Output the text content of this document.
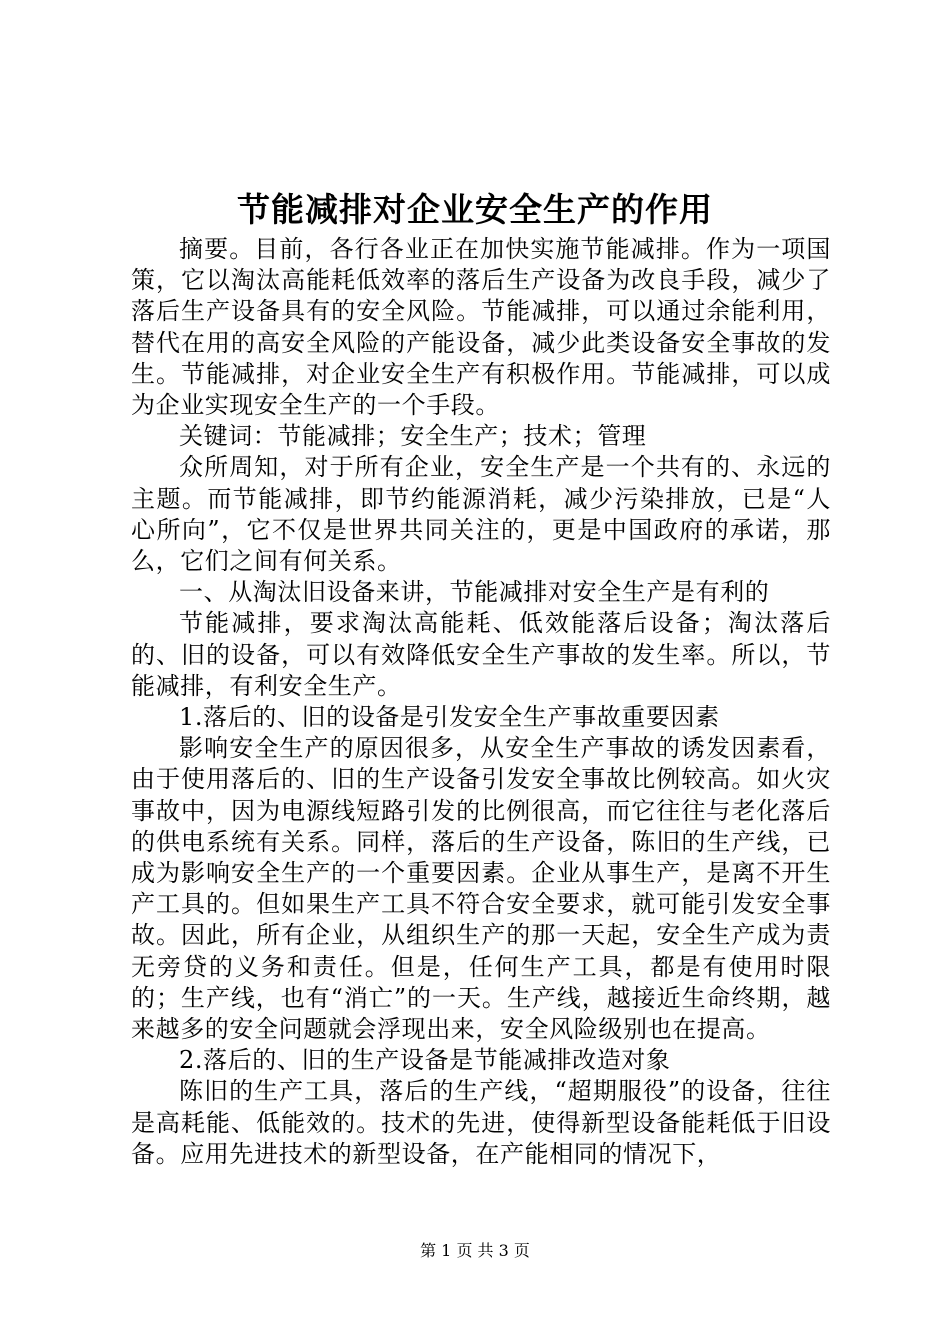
节能减排对企业安全生产的作用

摘要。目前，各行各业正在加快实施节能减排。作为一项国策，它以淘汰高能耗低效率的落后生产设备为改良手段，减少了落后生产设备具有的安全风险。节能减排，可以通过余能利用，替代在用的高安全风险的产能设备，减少此类设备安全事故的发生。节能减排，对企业安全生产有积极作用。节能减排，可以成为企业实现安全生产的一个手段。

关键词：节能减排；安全生产；技术；管理

众所周知，对于所有企业，安全生产是一个共有的、永远的主题。而节能减排，即节约能源消耗，减少污染排放，已是“人心所向”，它不仅是世界共同关注的，更是中国政府的承诺，那么，它们之间有何关系。

一、从淘汰旧设备来讲，节能减排对安全生产是有利的

节能减排，要求淘汰高能耗、低效能落后设备；淘汰落后的、旧的设备，可以有效降低安全生产事故的发生率。所以，节能减排，有利安全生产。

1.落后的、旧的设备是引发安全生产事故重要因素

影响安全生产的原因很多，从安全生产事故的诱发因素看，由于使用落后的、旧的生产设备引发安全事故比例较高。如火灾事故中，因为电源线短路引发的比例很高，而它往往与老化落后的供电系统有关系。同样，落后的生产设备，陈旧的生产线，已成为影响安全生产的一个重要因素。企业从事生产，是离不开生产工具的。但如果生产工具不符合安全要求，就可能引发安全事故。因此，所有企业，从组织生产的那一天起，安全生产成为责无旁贷的义务和责任。但是，任何生产工具，都是有使用时限的；生产线，也有“消亡”的一天。生产线，越接近生命终期，越来越多的安全问题就会浮现出来，安全风险级别也在提高。

2.落后的、旧的生产设备是节能减排改造对象

陈旧的生产工具，落后的生产线，“超期服役”的设备，往往是高耗能、低能效的。技术的先进，使得新型设备能耗低于旧设备。应用先进技术的新型设备，在产能相同的情况下，

第 1 页 共 3 页
